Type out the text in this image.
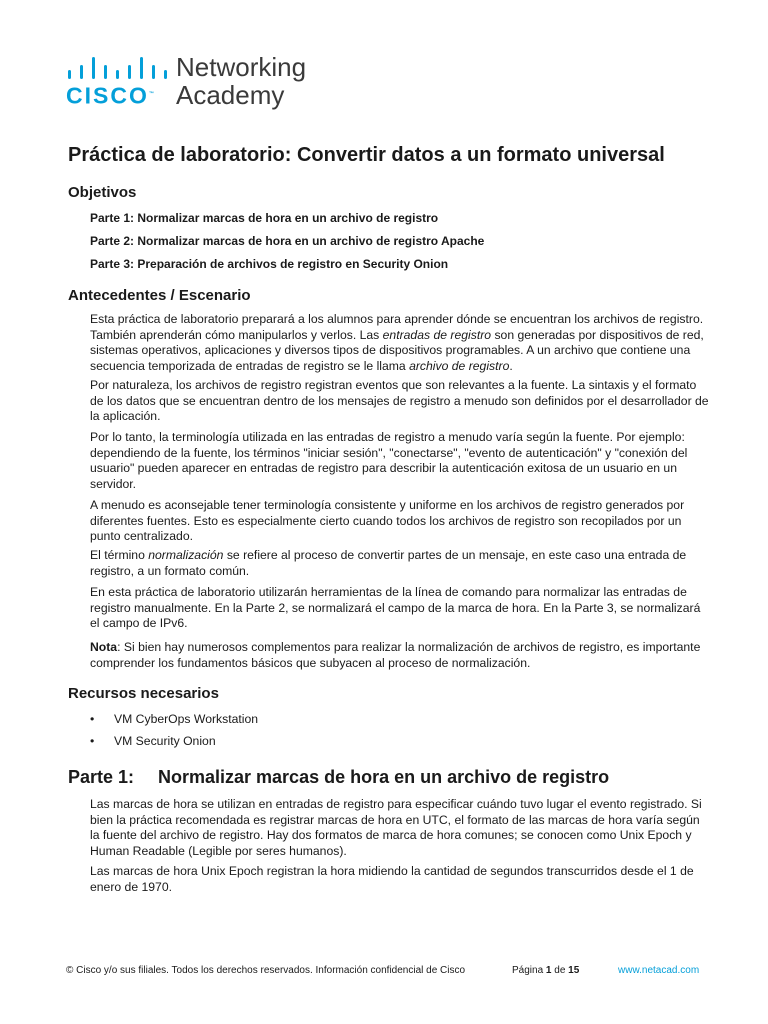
CISCO™
Networking
Academy
Práctica de laboratorio: Convertir datos a un formato universal
Objetivos

Parte 1: Normalizar marcas de hora en un archivo de registro

Parte 2: Normalizar marcas de hora en un archivo de registro Apache

Parte 3: Preparación de archivos de registro en Security Onion

Antecedentes / Escenario

Esta práctica de laboratorio preparará a los alumnos para aprender dónde se encuentran los archivos de registro. También aprenderán cómo manipularlos y verlos. Las entradas de registro son generadas por dispositivos de red, sistemas operativos, aplicaciones y diversos tipos de dispositivos programables. A un archivo que contiene una secuencia temporizada de entradas de registro se le llama archivo de registro.

Por naturaleza, los archivos de registro registran eventos que son relevantes a la fuente. La sintaxis y el formato de los datos que se encuentran dentro de los mensajes de registro a menudo son definidos por el desarrollador de la aplicación.

Por lo tanto, la terminología utilizada en las entradas de registro a menudo varía según la fuente. Por ejemplo: dependiendo de la fuente, los términos "iniciar sesión", "conectarse", "evento de autenticación" y "conexión del usuario" pueden aparecer en entradas de registro para describir la autenticación exitosa de un usuario en un servidor.

A menudo es aconsejable tener terminología consistente y uniforme en los archivos de registro generados por diferentes fuentes. Esto es especialmente cierto cuando todos los archivos de registro son recopilados por un punto centralizado.

El término normalización se refiere al proceso de convertir partes de un mensaje, en este caso una entrada de registro, a un formato común.

En esta práctica de laboratorio utilizarán herramientas de la línea de comando para normalizar las entradas de registro manualmente. En la Parte 2, se normalizará el campo de la marca de hora. En la Parte 3, se normalizará el campo de IPv6.

Nota: Si bien hay numerosos complementos para realizar la normalización de archivos de registro, es importante comprender los fundamentos básicos que subyacen al proceso de normalización.

Recursos necesarios
• VM CyberOps Workstation
• VM Security Onion
Parte 1: Normalizar marcas de hora en un archivo de registro

Las marcas de hora se utilizan en entradas de registro para especificar cuándo tuvo lugar el evento registrado. Si bien la práctica recomendada es registrar marcas de hora en UTC, el formato de las marcas de hora varía según la fuente del archivo de registro. Hay dos formatos de marca de hora comunes; se conocen como Unix Epoch y Human Readable (Legible por seres humanos).

Las marcas de hora Unix Epoch registran la hora midiendo la cantidad de segundos transcurridos desde el 1 de enero de 1970.

© Cisco y/o sus filiales. Todos los derechos reservados. Información confidencial de Cisco	Página 1 de 15	www.netacad.com
